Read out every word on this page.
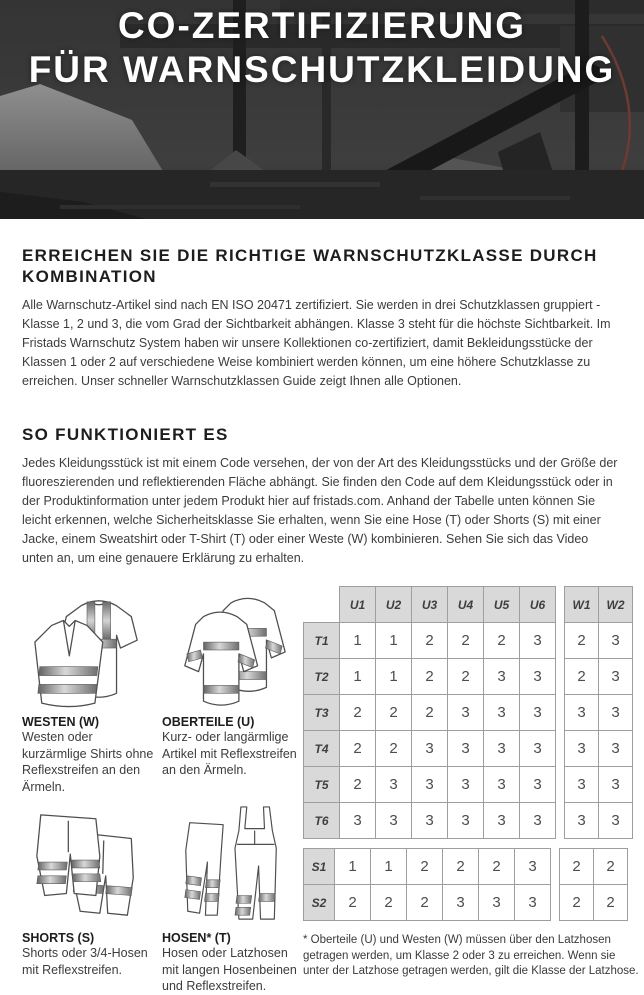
CO-ZERTIFIZIERUNG
FÜR WARNSCHUTZKLEIDUNG
ERREICHEN SIE DIE RICHTIGE WARNSCHUTZKLASSE DURCH
KOMBINATION

Alle Warnschutz-Artikel sind nach EN ISO 20471 zertifiziert. Sie werden in drei Schutzklassen gruppiert - Klasse 1, 2 und 3, die vom Grad der Sichtbarkeit abhängen. Klasse 3 steht für die höchste Sichtbarkeit. Im Fristads Warnschutz System haben wir unsere Kollektionen co-zertifiziert, damit Bekleidungsstücke der Klassen 1 oder 2 auf verschiedene Weise kombiniert werden können, um eine höhere Schutzklasse zu erreichen. Unser schneller Warnschutzklassen Guide zeigt Ihnen alle Optionen.

SO FUNKTIONIERT ES

Jedes Kleidungsstück ist mit einem Code versehen, der von der Art des Kleidungsstücks und der Größe der fluoreszierenden und reflektierenden Fläche abhängt. Sie finden den Code auf dem Kleidungsstück oder in der Produktinformation unter jedem Produkt hier auf fristads.com. Anhand der Tabelle unten können Sie leicht erkennen, welche Sicherheitsklasse Sie erhalten, wenn Sie eine Hose (T) oder Shorts (S) mit einer Jacke, einem Sweatshirt oder T-Shirt (T) oder einer Weste (W) kombinieren. Sehen Sie sich das Video unten an, um eine genauere Erklärung zu erhalten.

WESTEN (W)
Westen oder kurzärmlige Shirts ohne Reflexstreifen an den Ärmeln.
OBERTEILE (U)
Kurz- oder langärmlige Artikel mit Reflexstreifen an den Ärmeln.
SHORTS (S)
Shorts oder 3/4-Hosen mit Reflexstreifen.
HOSEN* (T)
Hosen oder Latzhosen mit langen Hosenbeinen und Reflexstreifen.
	U1	U2	U3	U4	U5	U6
T1	1	1	2	2	2	3
T2	1	1	2	2	3	3
T3	2	2	2	3	3	3
T4	2	2	3	3	3	3
T5	2	3	3	3	3	3
T6	3	3	3	3	3	3
W1	W2
2	3
2	3
3	3
3	3
3	3
3	3
S1	1	1	2	2	2	3
S2	2	2	2	3	3	3
2	2
2	2

* Oberteile (U) und Westen (W) müssen über den Latzhosen getragen werden, um Klasse 2 oder 3 zu erreichen. Wenn sie unter der Latzhose getragen werden, gilt die Klasse der Latzhose.
